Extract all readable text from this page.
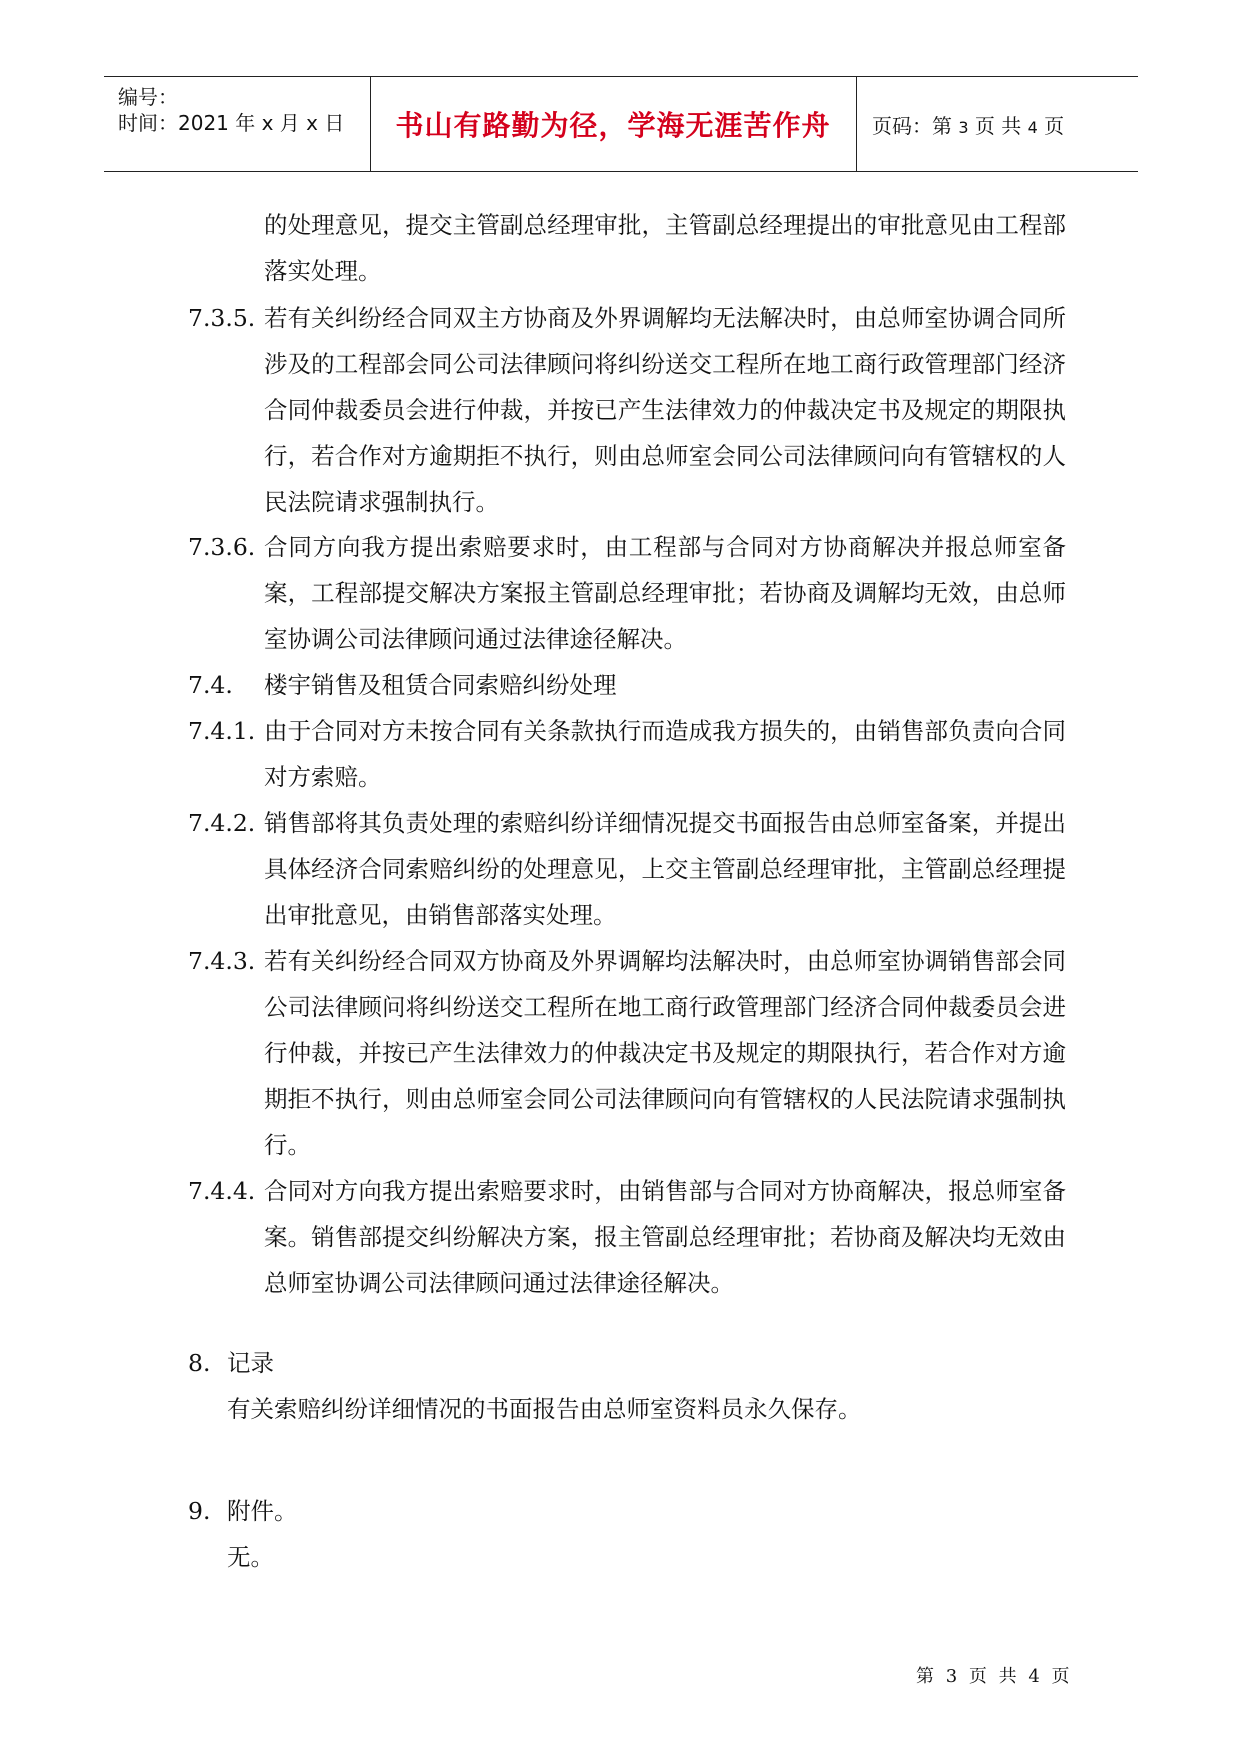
编号：
时间：2021 年 x 月 x 日 书山有路勤为径，学海无涯苦作舟 页码：第 3 页 共 4 页
的处理意见，提交主管副总经理审批，主管副总经理提出的审批意见由工程部落实处理。
7.3.5. 若有关纠纷经合同双主方协商及外界调解均无法解决时，由总师室协调合同所涉及的工程部会同公司法律顾问将纠纷送交工程所在地工商行政管理部门经济合同仲裁委员会进行仲裁，并按已产生法律效力的仲裁决定书及规定的期限执行，若合作对方逾期拒不执行，则由总师室会同公司法律顾问向有管辖权的人民法院请求强制执行。
7.3.6. 合同方向我方提出索赔要求时，由工程部与合同对方协商解决并报总师室备案，工程部提交解决方案报主管副总经理审批；若协商及调解均无效，由总师室协调公司法律顾问通过法律途径解决。
7.4. 楼宇销售及租赁合同索赔纠纷处理
7.4.1. 由于合同对方未按合同有关条款执行而造成我方损失的，由销售部负责向合同对方索赔。
7.4.2. 销售部将其负责处理的索赔纠纷详细情况提交书面报告由总师室备案，并提出具体经济合同索赔纠纷的处理意见，上交主管副总经理审批，主管副总经理提出审批意见，由销售部落实处理。
7.4.3. 若有关纠纷经合同双方协商及外界调解均法解决时，由总师室协调销售部会同公司法律顾问将纠纷送交工程所在地工商行政管理部门经济合同仲裁委员会进行仲裁，并按已产生法律效力的仲裁决定书及规定的期限执行，若合作对方逾期拒不执行，则由总师室会同公司法律顾问向有管辖权的人民法院请求强制执行。
7.4.4. 合同对方向我方提出索赔要求时，由销售部与合同对方协商解决，报总师室备案。销售部提交纠纷解决方案，报主管副总经理审批；若协商及解决均无效由总师室协调公司法律顾问通过法律途径解决。
8. 记录
有关索赔纠纷详细情况的书面报告由总师室资料员永久保存。
9. 附件。
无。
第 3 页 共 4 页
